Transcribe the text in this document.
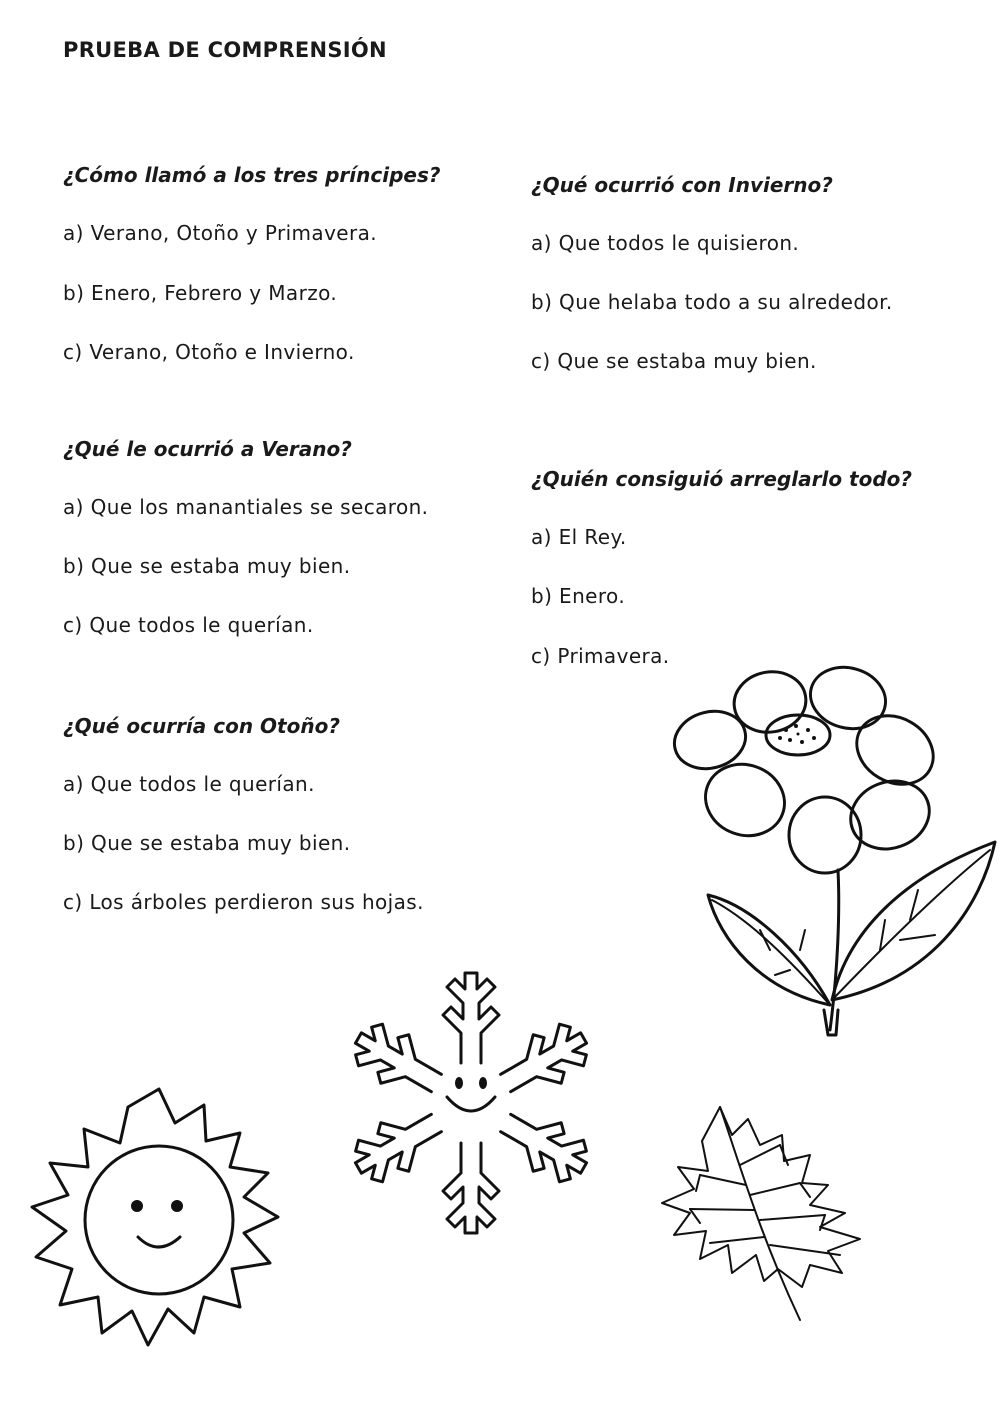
PRUEBA DE COMPRENSIÓN
¿Cómo llamó a los tres príncipes?
a) Verano, Otoño y Primavera.
b) Enero, Febrero y Marzo.
c) Verano, Otoño e Invierno.
¿Qué le ocurrió a Verano?
a) Que los manantiales se secaron.
b) Que se estaba muy bien.
c) Que todos le querían.
¿Qué ocurría con Otoño?
a) Que todos le querían.
b) Que se estaba muy bien.
c) Los árboles perdieron sus hojas.
¿Qué ocurrió con Invierno?
a) Que todos le quisieron.
b) Que helaba todo a su alrededor.
c) Que se estaba muy bien.
¿Quién consiguió arreglarlo todo?
a) El Rey.
b) Enero.
c) Primavera.
